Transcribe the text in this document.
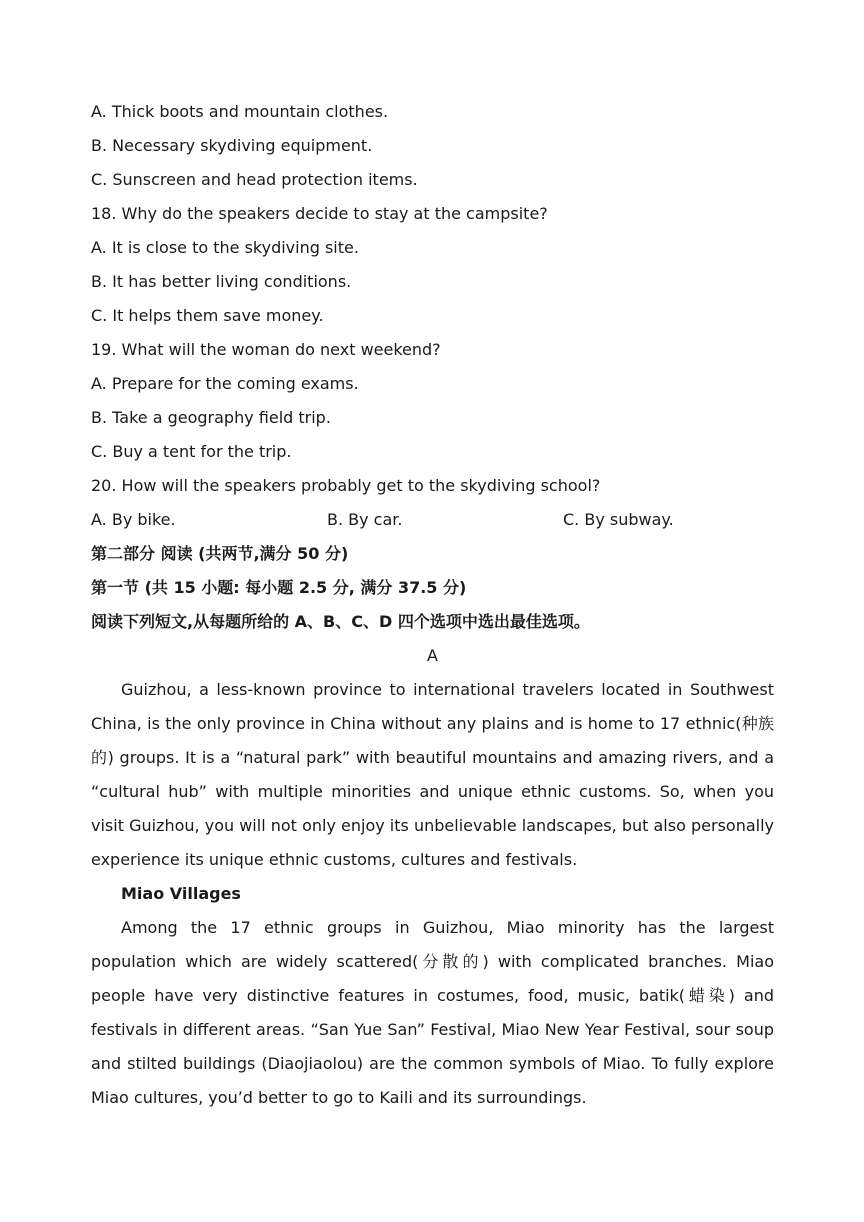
A. Thick boots and mountain clothes.
B. Necessary skydiving equipment.
C. Sunscreen and head protection items.
18. Why do the speakers decide to stay at the campsite?
A. It is close to the skydiving site.
B. It has better living conditions.
C. It helps them save money.
19. What will the woman do next weekend?
A. Prepare for the coming exams.
B. Take a geography field trip.
C. Buy a tent for the trip.
20. How will the speakers probably get to the skydiving school?
A. By bike.	B. By car.	C. By subway.
第二部分 阅读 (共两节,满分 50 分)
第一节 (共 15 小题: 每小题 2.5 分, 满分 37.5 分)
阅读下列短文,从每题所给的 A、B、C、D 四个选项中选出最佳选项。
A

Guizhou, a less-known province to international travelers located in Southwest China, is the only province in China without any plains and is home to 17 ethnic(种族的) groups. It is a “natural park” with beautiful mountains and amazing rivers, and a “cultural hub” with multiple minorities and unique ethnic customs. So, when you visit Guizhou, you will not only enjoy its unbelievable landscapes, but also personally experience its unique ethnic customs, cultures and festivals.

Miao Villages

Among the 17 ethnic groups in Guizhou, Miao minority has the largest population which are widely scattered(分散的) with complicated branches. Miao people have very distinctive features in costumes, food, music, batik(蜡染) and festivals in different areas. “San Yue San” Festival, Miao New Year Festival, sour soup and stilted buildings (Diaojiaolou) are the common symbols of Miao. To fully explore Miao cultures, you’d better to go to Kaili and its surroundings.
